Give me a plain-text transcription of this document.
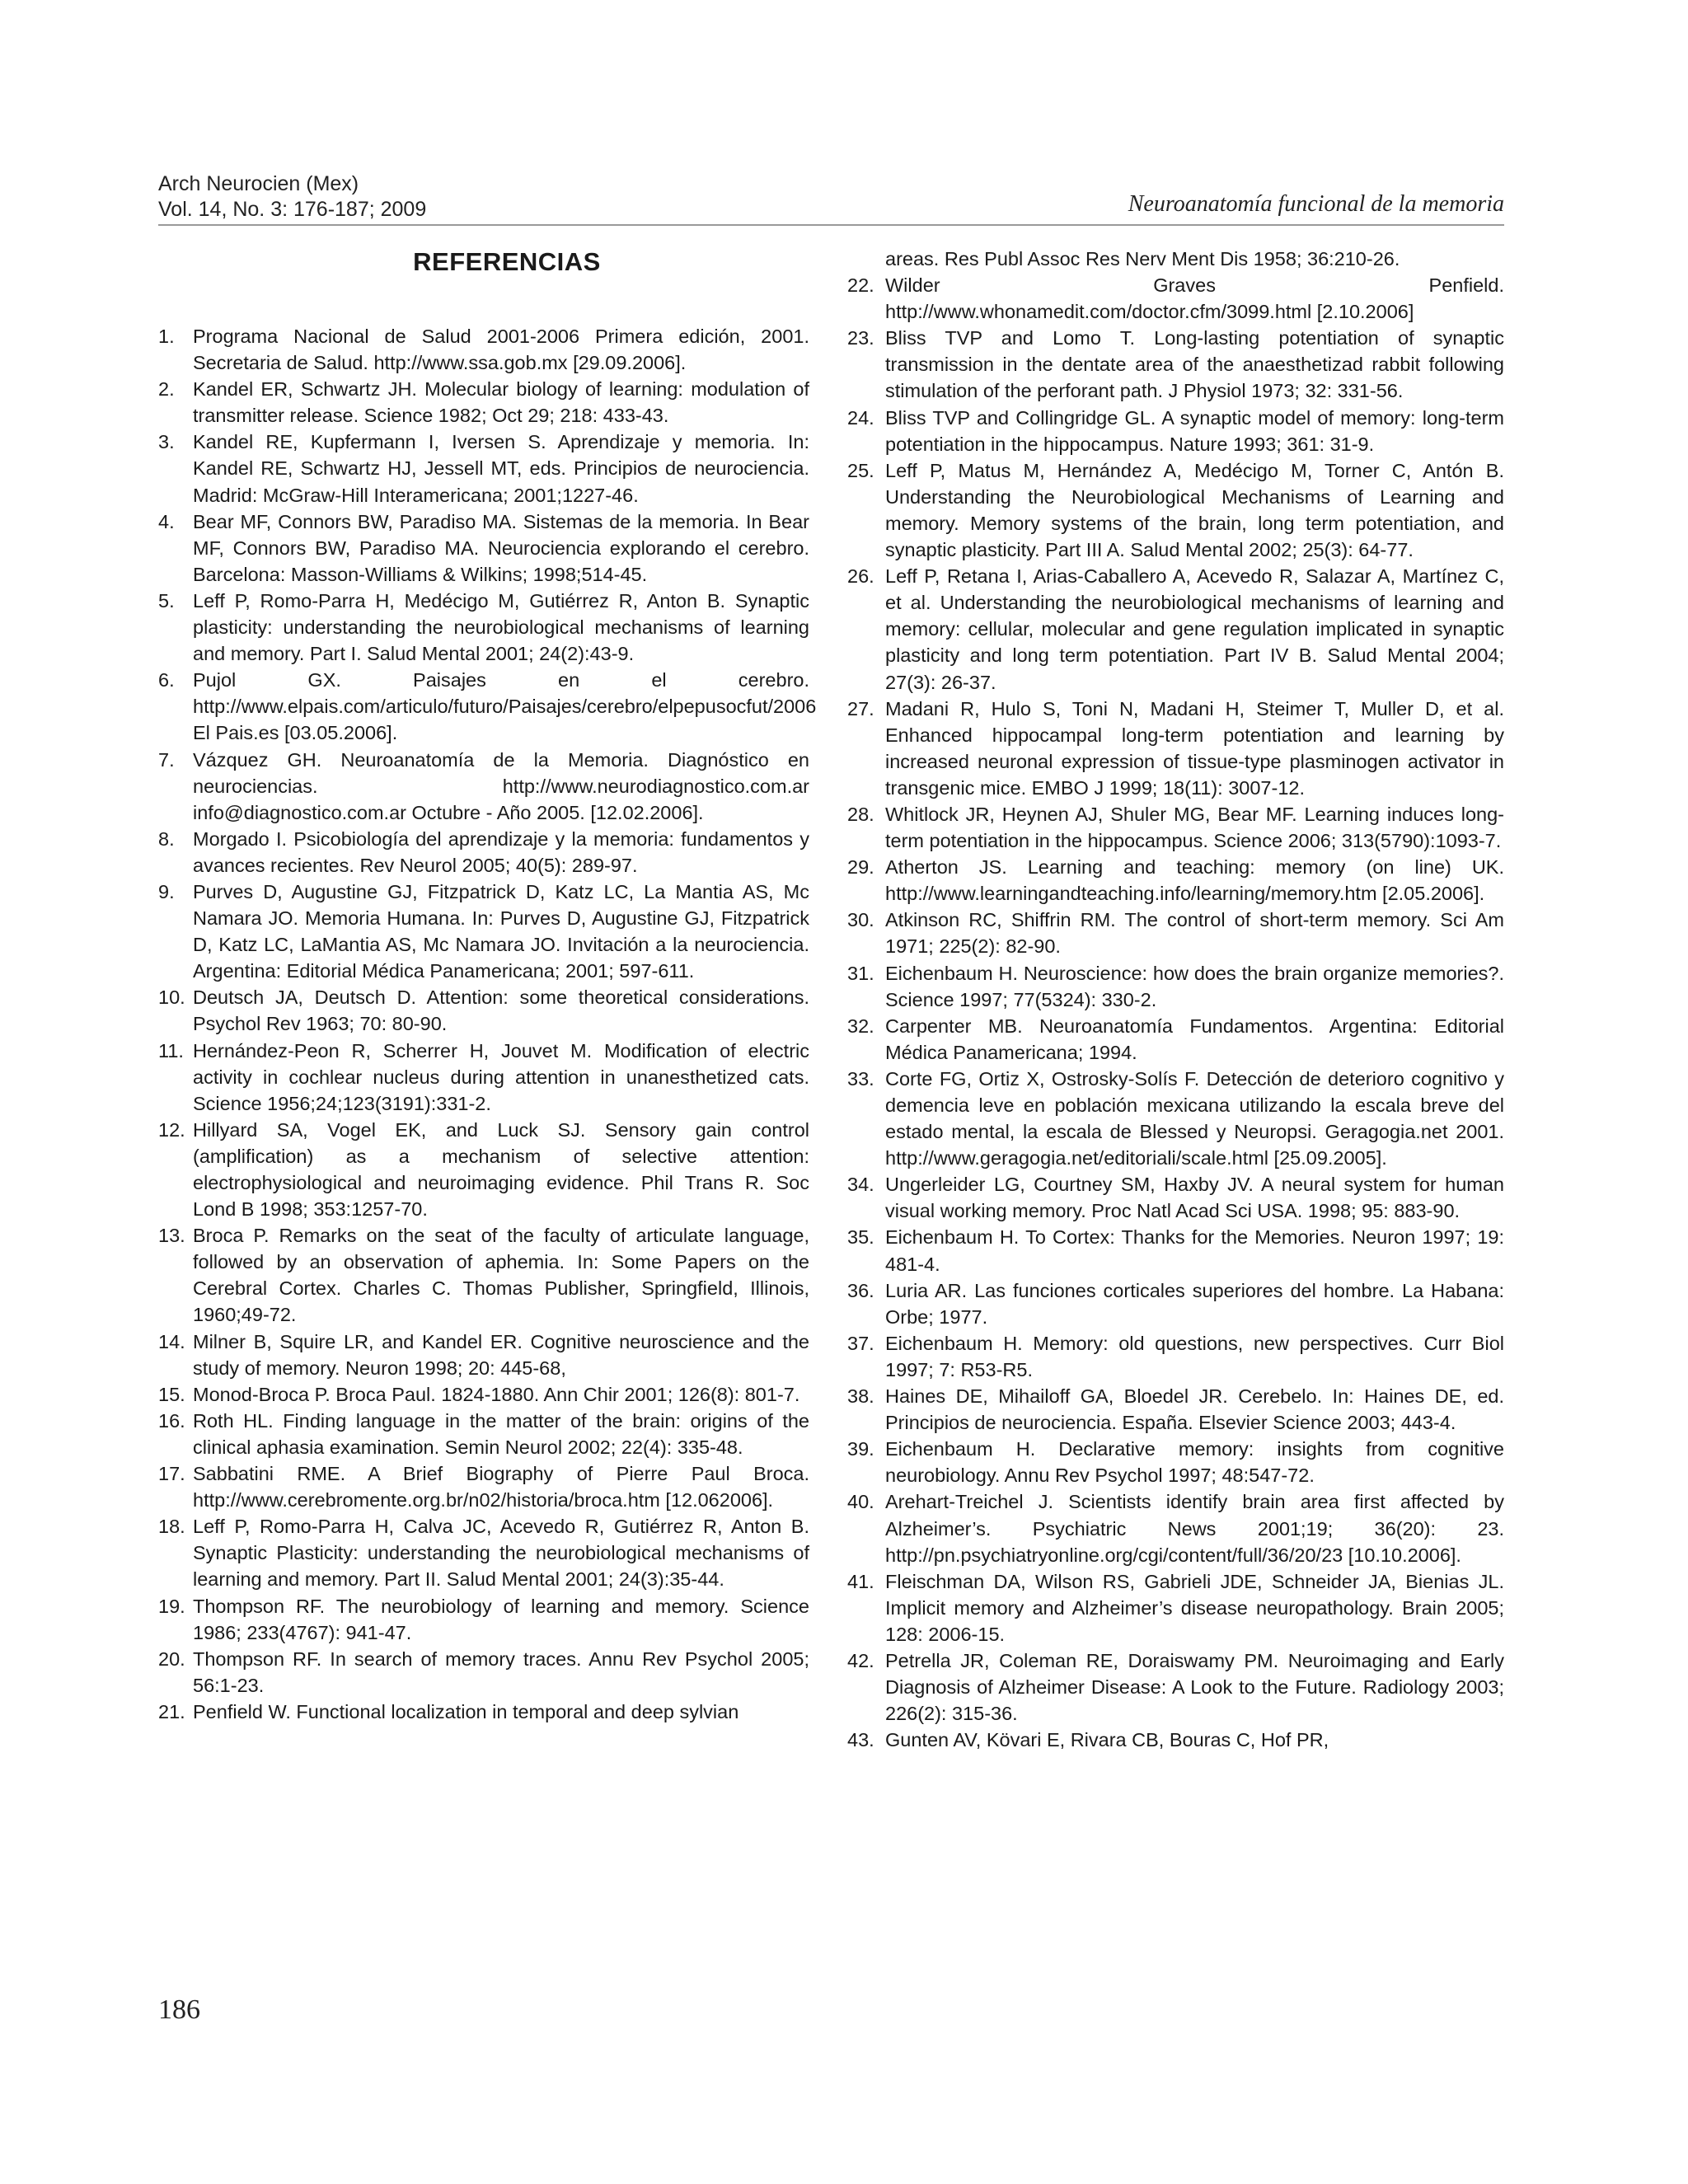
Arch Neurocien (Mex)
Vol. 14, No. 3: 176-187; 2009	Neuroanatomía funcional de la memoria
REFERENCIAS
1. Programa Nacional de Salud 2001-2006 Primera edición, 2001. Secretaria de Salud. http://www.ssa.gob.mx [29.09.2006].
2. Kandel ER, Schwartz JH. Molecular biology of learning: modulation of transmitter release. Science 1982; Oct 29; 218: 433-43.
3. Kandel RE, Kupfermann I, Iversen S. Aprendizaje y memoria. In: Kandel RE, Schwartz HJ, Jessell MT, eds. Principios de neurociencia. Madrid: McGraw-Hill Interamericana; 2001;1227-46.
4. Bear MF, Connors BW, Paradiso MA. Sistemas de la memoria. In Bear MF, Connors BW, Paradiso MA. Neurociencia explorando el cerebro. Barcelona: Masson-Williams & Wilkins; 1998;514-45.
5. Leff P, Romo-Parra H, Medécigo M, Gutiérrez R, Anton B. Synaptic plasticity: understanding the neurobiological mechanisms of learning and memory. Part I. Salud Mental 2001; 24(2):43-9.
6. Pujol GX. Paisajes en el cerebro. http://www.elpais.com/articulo/futuro/Paisajes/cerebro/elpepusocfut/2006 El Pais.es [03.05.2006].
7. Vázquez GH. Neuroanatomía de la Memoria. Diagnóstico en neurociencias. http://www.neurodiagnostico.com.ar info@diagnostico.com.ar Octubre - Año 2005. [12.02.2006].
8. Morgado I. Psicobiología del aprendizaje y la memoria: fundamentos y avances recientes. Rev Neurol 2005; 40(5): 289-97.
9. Purves D, Augustine GJ, Fitzpatrick D, Katz LC, La Mantia AS, Mc Namara JO. Memoria Humana. In: Purves D, Augustine GJ, Fitzpatrick D, Katz LC, LaMantia AS, Mc Namara JO. Invitación a la neurociencia. Argentina: Editorial Médica Panamericana; 2001; 597-611.
10. Deutsch JA, Deutsch D. Attention: some theoretical considerations. Psychol Rev 1963; 70: 80-90.
11. Hernández-Peon R, Scherrer H, Jouvet M. Modification of electric activity in cochlear nucleus during attention in unanesthetized cats. Science 1956;24;123(3191):331-2.
12. Hillyard SA, Vogel EK, and Luck SJ. Sensory gain control (amplification) as a mechanism of selective attention: electrophysiological and neuroimaging evidence. Phil Trans R. Soc Lond B 1998; 353:1257-70.
13. Broca P. Remarks on the seat of the faculty of articulate language, followed by an observation of aphemia. In: Some Papers on the Cerebral Cortex. Charles C. Thomas Publisher, Springfield, Illinois, 1960;49-72.
14. Milner B, Squire LR, and Kandel ER. Cognitive neuroscience and the study of memory. Neuron 1998; 20: 445-68,
15. Monod-Broca P. Broca Paul. 1824-1880. Ann Chir 2001; 126(8): 801-7.
16. Roth HL. Finding language in the matter of the brain: origins of the clinical aphasia examination. Semin Neurol 2002; 22(4): 335-48.
17. Sabbatini RME. A Brief Biography of Pierre Paul Broca. http://www.cerebromente.org.br/n02/historia/broca.htm [12.062006].
18. Leff P, Romo-Parra H, Calva JC, Acevedo R, Gutiérrez R, Anton B. Synaptic Plasticity: understanding the neurobiological mechanisms of learning and memory. Part II. Salud Mental 2001; 24(3):35-44.
19. Thompson RF. The neurobiology of learning and memory. Science 1986; 233(4767): 941-47.
20. Thompson RF. In search of memory traces. Annu Rev Psychol 2005; 56:1-23.
21. Penfield W. Functional localization in temporal and deep sylvian
areas. Res Publ Assoc Res Nerv Ment Dis 1958; 36:210-26.
22. Wilder Graves Penfield. http://www.whonamedit.com/doctor.cfm/3099.html [2.10.2006]
23. Bliss TVP and Lomo T. Long-lasting potentiation of synaptic transmission in the dentate area of the anaesthetizad rabbit following stimulation of the perforant path. J Physiol 1973; 32: 331-56.
24. Bliss TVP and Collingridge GL. A synaptic model of memory: long-term potentiation in the hippocampus. Nature 1993; 361: 31-9.
25. Leff P, Matus M, Hernández A, Medécigo M, Torner C, Antón B. Understanding the Neurobiological Mechanisms of Learning and memory. Memory systems of the brain, long term potentiation, and synaptic plasticity. Part III A. Salud Mental 2002; 25(3): 64-77.
26. Leff P, Retana I, Arias-Caballero A, Acevedo R, Salazar A, Martínez C, et al. Understanding the neurobiological mechanisms of learning and memory: cellular, molecular and gene regulation implicated in synaptic plasticity and long term potentiation. Part IV B. Salud Mental 2004; 27(3): 26-37.
27. Madani R, Hulo S, Toni N, Madani H, Steimer T, Muller D, et al. Enhanced hippocampal long-term potentiation and learning by increased neuronal expression of tissue-type plasminogen activator in transgenic mice. EMBO J 1999; 18(11): 3007-12.
28. Whitlock JR, Heynen AJ, Shuler MG, Bear MF. Learning induces long-term potentiation in the hippocampus. Science 2006; 313(5790):1093-7.
29. Atherton JS. Learning and teaching: memory (on line) UK. http://www.learningandteaching.info/learning/memory.htm [2.05.2006].
30. Atkinson RC, Shiffrin RM. The control of short-term memory. Sci Am 1971; 225(2): 82-90.
31. Eichenbaum H. Neuroscience: how does the brain organize memories?. Science 1997; 77(5324): 330-2.
32. Carpenter MB. Neuroanatomía Fundamentos. Argentina: Editorial Médica Panamericana; 1994.
33. Corte FG, Ortiz X, Ostrosky-Solís F. Detección de deterioro cognitivo y demencia leve en población mexicana utilizando la escala breve del estado mental, la escala de Blessed y Neuropsi. Geragogia.net 2001. http://www.geragogia.net/editoriali/scale.html [25.09.2005].
34. Ungerleider LG, Courtney SM, Haxby JV. A neural system for human visual working memory. Proc Natl Acad Sci USA. 1998; 95: 883-90.
35. Eichenbaum H. To Cortex: Thanks for the Memories. Neuron 1997; 19: 481-4.
36. Luria AR. Las funciones corticales superiores del hombre. La Habana: Orbe; 1977.
37. Eichenbaum H. Memory: old questions, new perspectives. Curr Biol 1997; 7: R53-R5.
38. Haines DE, Mihailoff GA, Bloedel JR. Cerebelo. In: Haines DE, ed. Principios de neurociencia. España. Elsevier Science 2003; 443-4.
39. Eichenbaum H. Declarative memory: insights from cognitive neurobiology. Annu Rev Psychol 1997; 48:547-72.
40. Arehart-Treichel J. Scientists identify brain area first affected by Alzheimer’s. Psychiatric News 2001;19; 36(20): 23. http://pn.psychiatryonline.org/cgi/content/full/36/20/23 [10.10.2006].
41. Fleischman DA, Wilson RS, Gabrieli JDE, Schneider JA, Bienias JL. Implicit memory and Alzheimer’s disease neuropathology. Brain 2005; 128: 2006-15.
42. Petrella JR, Coleman RE, Doraiswamy PM. Neuroimaging and Early Diagnosis of Alzheimer Disease: A Look to the Future. Radiology 2003; 226(2): 315-36.
43. Gunten AV, Kövari E, Rivara CB, Bouras C, Hof PR,
186
